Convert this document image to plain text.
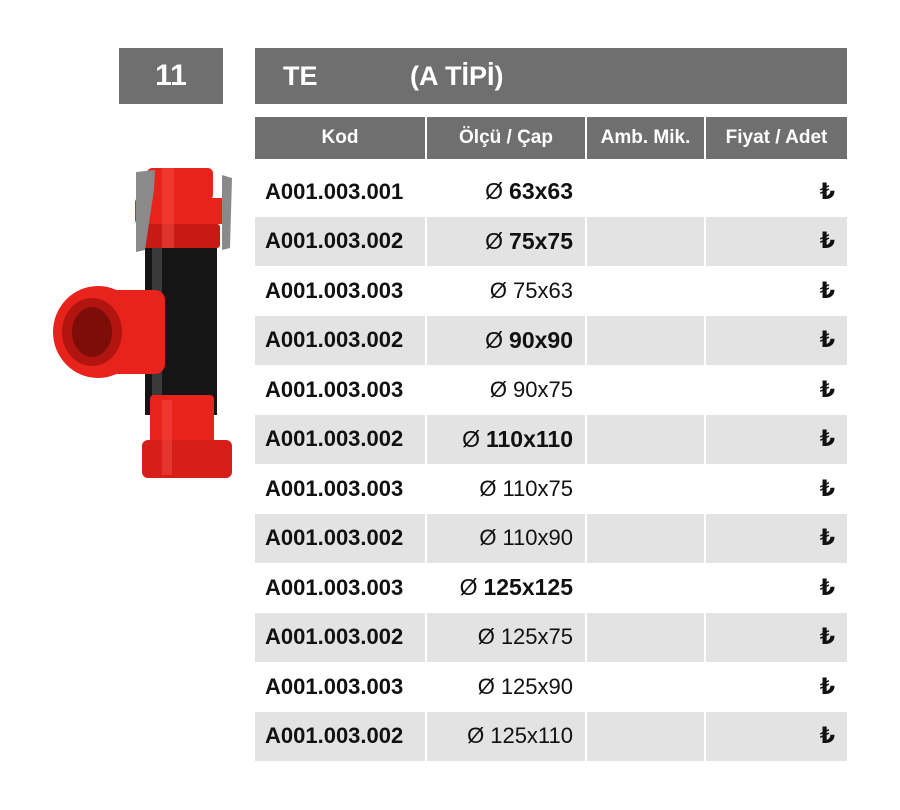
11	TE	(A TİPİ)
Kod	Ölçü / Çap	Amb. Mik.	Fiyat / Adet

A001.003.001	Ø 63x63		₺
A001.003.002	Ø 75x75		₺
A001.003.003	Ø 75x63		₺
A001.003.002	Ø 90x90		₺
A001.003.003	Ø 90x75		₺
A001.003.002	Ø 110x110		₺
A001.003.003	Ø 110x75		₺
A001.003.002	Ø 110x90		₺
A001.003.003	Ø 125x125		₺
A001.003.002	Ø 125x75		₺
A001.003.003	Ø 125x90		₺
A001.003.002	Ø 125x110		₺
